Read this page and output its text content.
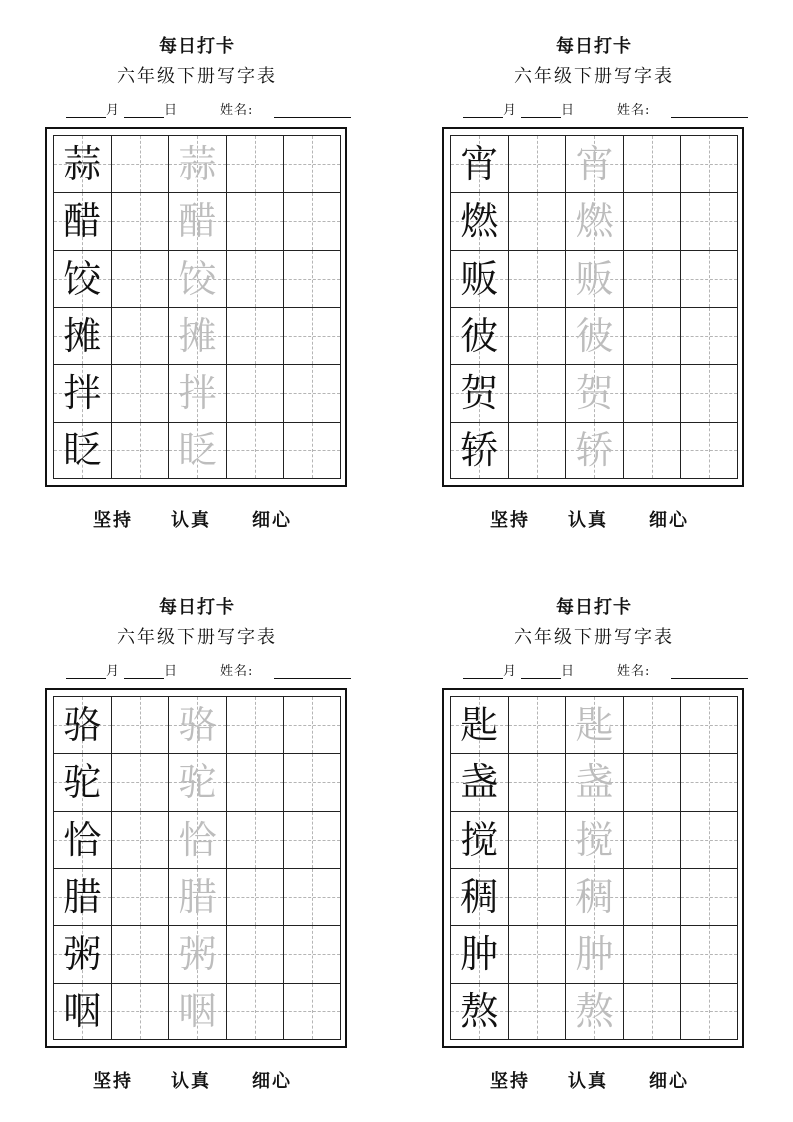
每日打卡
六年级下册写字表
月	日	姓名:
蒜 蒜
醋 醋
饺 饺
摊 摊
拌 拌
眨 眨
坚持 认真 细心
每日打卡
六年级下册写字表
月	日	姓名:
宵 宵
燃 燃
贩 贩
彼 彼
贺 贺
轿 轿
坚持 认真 细心
每日打卡
六年级下册写字表
月	日	姓名:
骆 骆
驼 驼
恰 恰
腊 腊
粥 粥
咽 咽
坚持 认真 细心
每日打卡
六年级下册写字表
月	日	姓名:
匙 匙
盏 盏
搅 搅
稠 稠
肿 肿
熬 熬
坚持 认真 细心
